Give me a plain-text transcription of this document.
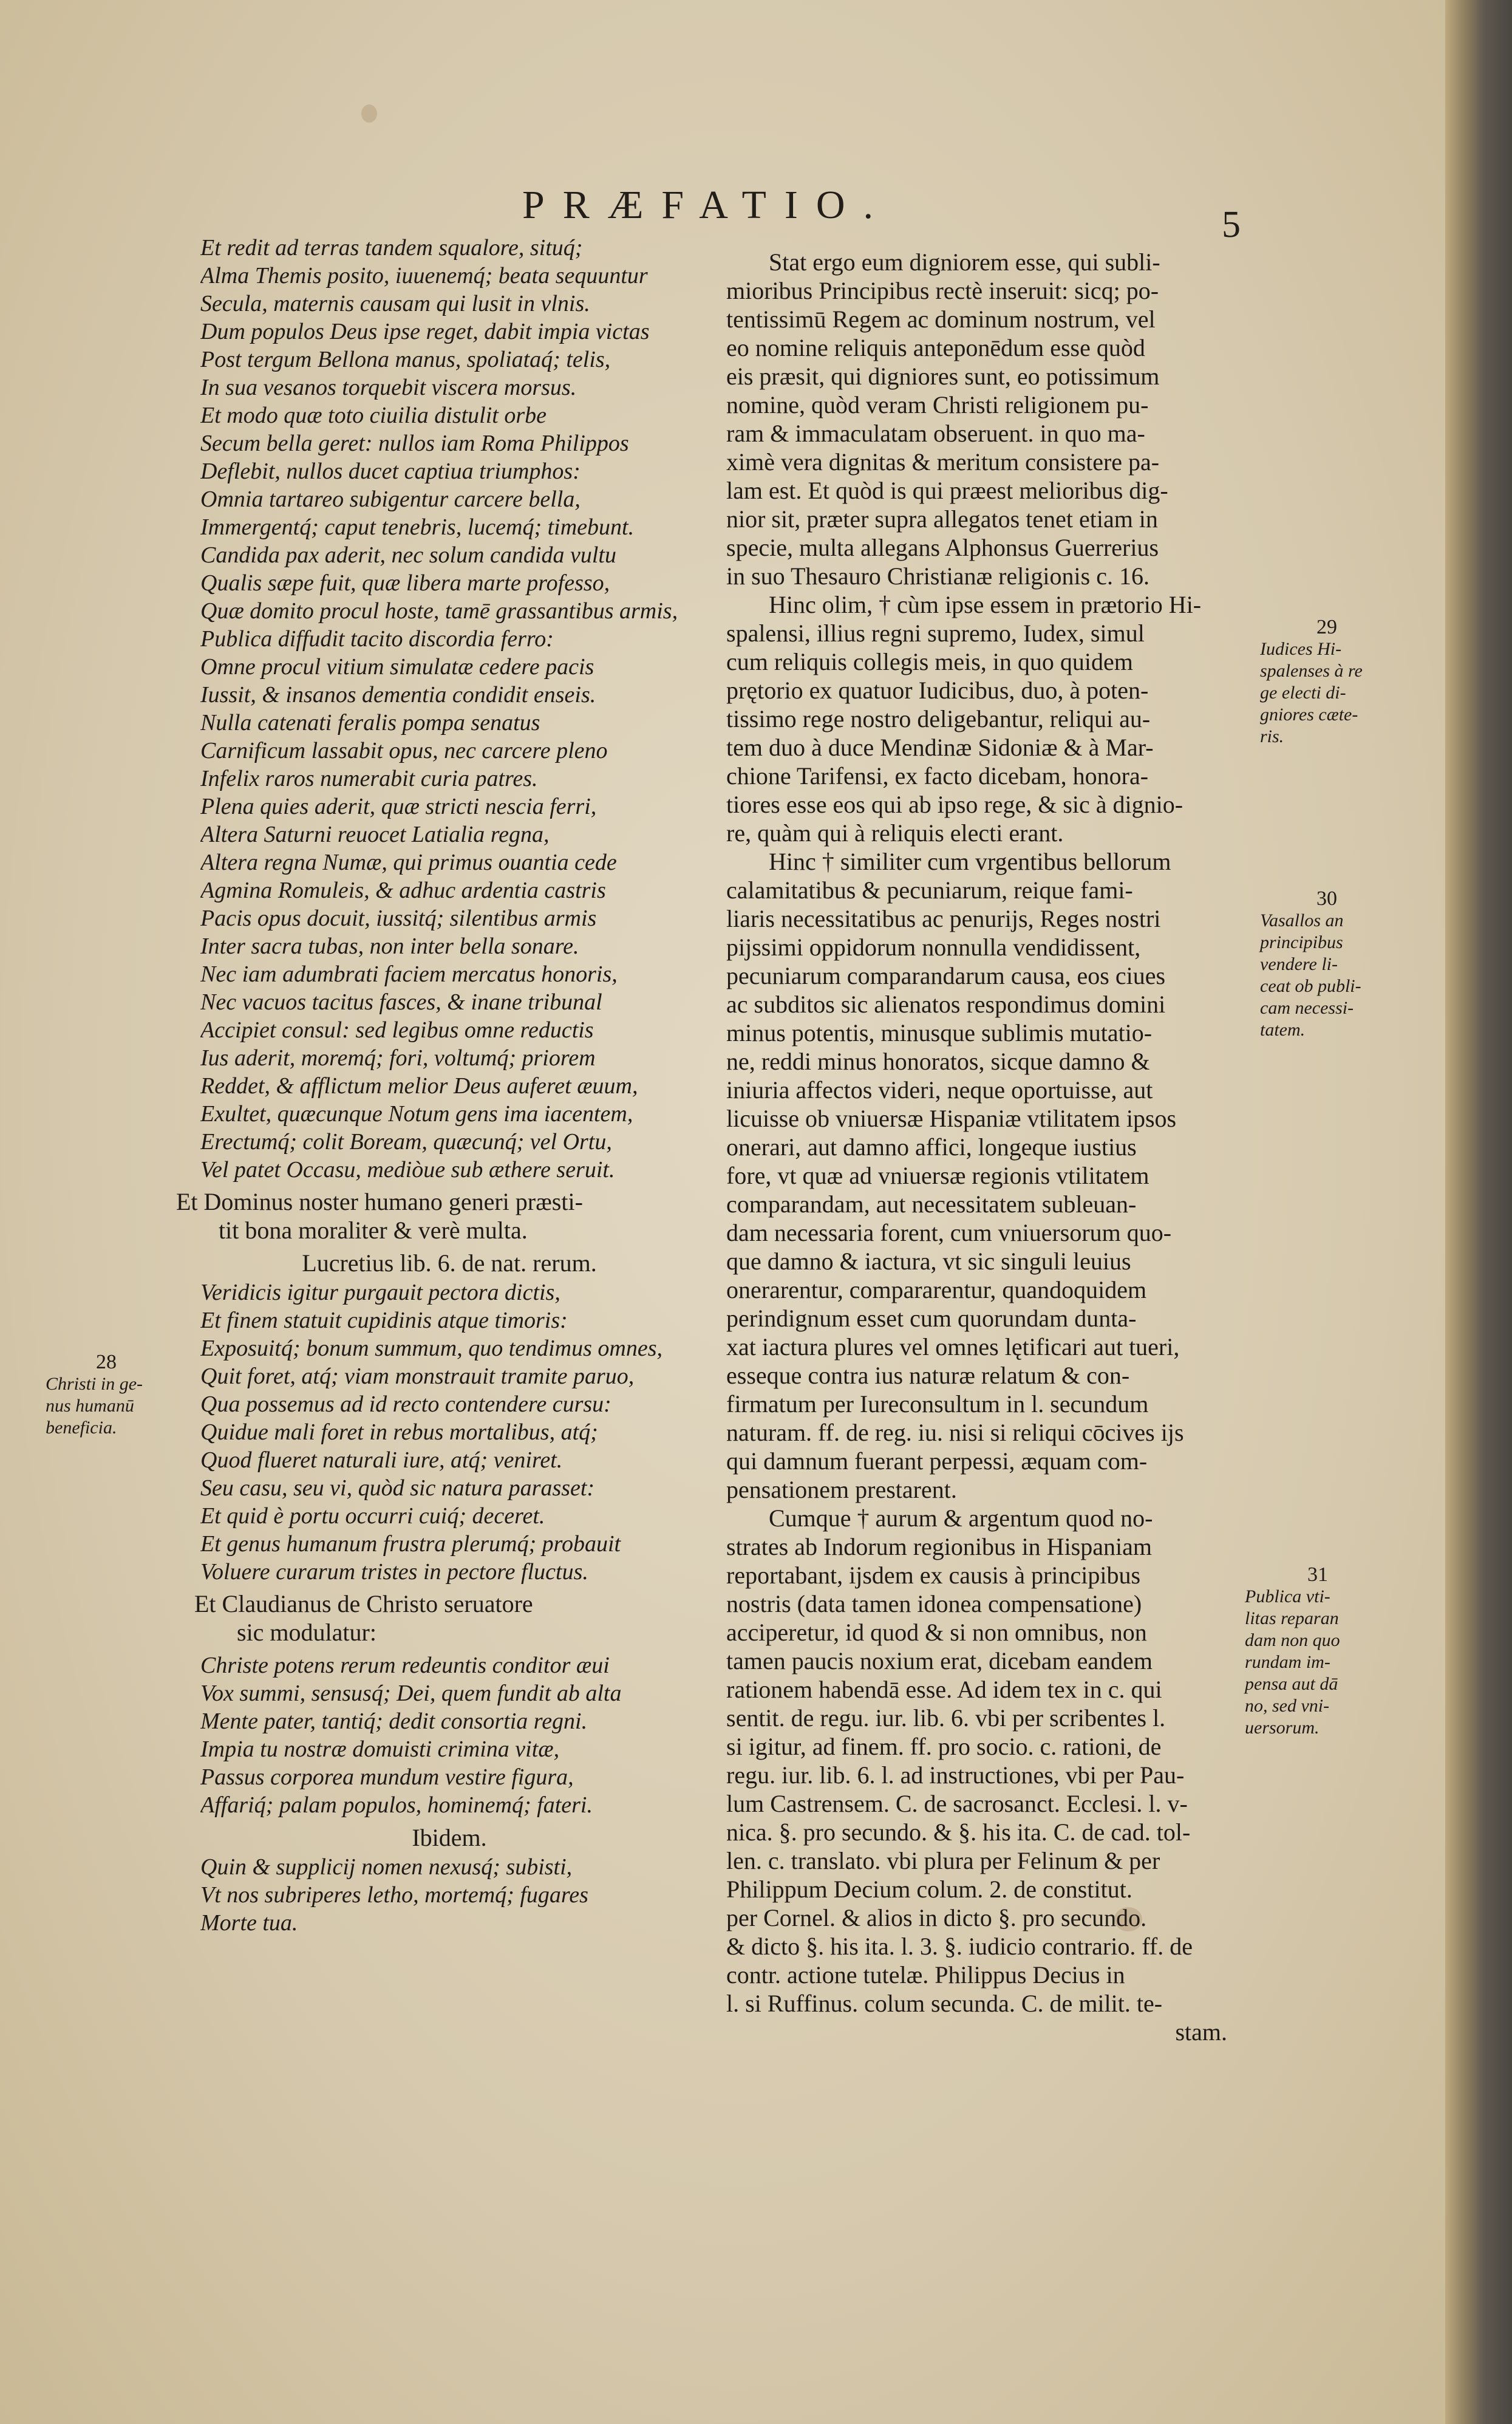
PRÆFATIO.	5
Et redit ad terras tandem squalore, situq́;
Alma Themis posito, iuuenemq́; beata sequuntur
Secula, maternis causam qui lusit in vlnis.
Dum populos Deus ipse reget, dabit impia victas
Post tergum Bellona manus, spoliataq́; telis,
In sua vesanos torquebit viscera morsus.
Et modo quæ toto ciuilia distulit orbe
Secum bella geret: nullos iam Roma Philippos
Deflebit, nullos ducet captiua triumphos:
Omnia tartareo subigentur carcere bella,
Immergentq́; caput tenebris, lucemq́; timebunt.
Candida pax aderit, nec solum candida vultu
Qualis sæpe fuit, quæ libera marte professo,
Quæ domito procul hoste, tamē grassantibus armis,
Publica diffudit tacito discordia ferro:
Omne procul vitium simulatæ cedere pacis
Iussit, & insanos dementia condidit enseis.
Nulla catenati feralis pompa senatus
Carnificum lassabit opus, nec carcere pleno
Infelix raros numerabit curia patres.
Plena quies aderit, quæ stricti nescia ferri,
Altera Saturni reuocet Latialia regna,
Altera regna Numæ, qui primus ouantia cede
Agmina Romuleis, & adhuc ardentia castris
Pacis opus docuit, iussitq́; silentibus armis
Inter sacra tubas, non inter bella sonare.
Nec iam adumbrati faciem mercatus honoris,
Nec vacuos tacitus fasces, & inane tribunal
Accipiet consul: sed legibus omne reductis
Ius aderit, moremq́; fori, voltumq́; priorem
Reddet, & afflictum melior Deus auferet æuum,
Exultet, quæcunque Notum gens ima iacentem,
Erectumq́; colit Boream, quæcunq́; vel Ortu,
Vel patet Occasu, mediòue sub æthere seruit.
Et Dominus noster humano generi præsti-
tit bona moraliter & verè multa.
Lucretius lib. 6. de nat. rerum.
Veridicis igitur purgauit pectora dictis,
Et finem statuit cupidinis atque timoris:
Exposuitq́; bonum summum, quo tendimus omnes,
Quit foret, atq́; viam monstrauit tramite paruo,
Qua possemus ad id recto contendere cursu:
Quidue mali foret in rebus mortalibus, atq́;
Quod flueret naturali iure, atq́; veniret.
Seu casu, seu vi, quòd sic natura parasset:
Et quid è portu occurri cuiq́; deceret.
Et genus humanum frustra plerumq́; probauit
Voluere curarum tristes in pectore fluctus.
Et Claudianus de Christo seruatore
sic modulatur:
Christe potens rerum redeuntis conditor æui
Vox summi, sensusq́; Dei, quem fundit ab alta
Mente pater, tantiq́; dedit consortia regni.
Impia tu nostræ domuisti crimina vitæ,
Passus corporea mundum vestire figura,
Affariq́; palam populos, hominemq́; fateri.
Ibidem.
Quin & supplicij nomen nexusq́; subisti,
Vt nos subriperes letho, mortemq́; fugares
Morte tua.
Stat ergo eum digniorem esse, qui subli-
mioribus Principibus rectè inseruit: sicq; po-
tentissimū Regem ac dominum nostrum, vel
eo nomine reliquis anteponēdum esse quòd
eis præsit, qui digniores sunt, eo potissimum
nomine, quòd veram Christi religionem pu-
ram & immaculatam obseruent. in quo ma-
ximè vera dignitas & meritum consistere pa-
lam est. Et quòd is qui præest melioribus dig-
nior sit, præter supra allegatos tenet etiam in
specie, multa allegans Alphonsus Guerrerius
in suo Thesauro Christianæ religionis c. 16.
Hinc olim, † cùm ipse essem in prætorio Hi-
spalensi, illius regni supremo, Iudex, simul
cum reliquis collegis meis, in quo quidem
prętorio ex quatuor Iudicibus, duo, à poten-
tissimo rege nostro deligebantur, reliqui au-
tem duo à duce Mendinæ Sidoniæ & à Mar-
chione Tarifensi, ex facto dicebam, honora-
tiores esse eos qui ab ipso rege, & sic à dignio-
re, quàm qui à reliquis electi erant.
Hinc † similiter cum vrgentibus bellorum
calamitatibus & pecuniarum, reique fami-
liaris necessitatibus ac penurijs, Reges nostri
pijssimi oppidorum nonnulla vendidissent,
pecuniarum comparandarum causa, eos ciues
ac subditos sic alienatos respondimus domini
minus potentis, minusque sublimis mutatio-
ne, reddi minus honoratos, sicque damno &
iniuria affectos videri, neque oportuisse, aut
licuisse ob vniuersæ Hispaniæ vtilitatem ipsos
onerari, aut damno affici, longeque iustius
fore, vt quæ ad vniuersæ regionis vtilitatem
comparandam, aut necessitatem subleuan-
dam necessaria forent, cum vniuersorum quo-
que damno & iactura, vt sic singuli leuius
onerarentur, compararentur, quandoquidem
perindignum esset cum quorundam dunta-
xat iactura plures vel omnes lętificari aut tueri,
esseque contra ius naturæ relatum & con-
firmatum per Iureconsultum in l. secundum
naturam. ff. de reg. iu. nisi si reliqui cōcives ijs
qui damnum fuerant perpessi, æquam com-
pensationem prestarent.
Cumque † aurum & argentum quod no-
strates ab Indorum regionibus in Hispaniam
reportabant, ijsdem ex causis à principibus
nostris (data tamen idonea compensatione)
acciperetur, id quod & si non omnibus, non
tamen paucis noxium erat, dicebam eandem
rationem habendā esse. Ad idem tex in c. qui
sentit. de regu. iur. lib. 6. vbi per scribentes l.
si igitur, ad finem. ff. pro socio. c. rationi, de
regu. iur. lib. 6. l. ad instructiones, vbi per Pau-
lum Castrensem. C. de sacrosanct. Ecclesi. l. v-
nica. §. pro secundo. & §. his ita. C. de cad. tol-
len. c. translato. vbi plura per Felinum & per
Philippum Decium colum. 2. de constitut.
per Cornel. & alios in dicto §. pro secundo.
& dicto §. his ita. l. 3. §. iudicio contrario. ff. de
contr. actione tutelæ. Philippus Decius in
l. si Ruffinus. colum secunda. C. de milit. te-
stam.
28
Christi in ge-
nus humanū
beneficia.
29
Iudices Hi-
spalenses à re
ge electi di-
gniores cæte-
ris.
30
Vasallos an
principibus
vendere li-
ceat ob publi-
cam necessi-
tatem.
31
Publica vti-
litas reparan
dam non quo
rundam im-
pensa aut dā
no, sed vni-
uersorum.
